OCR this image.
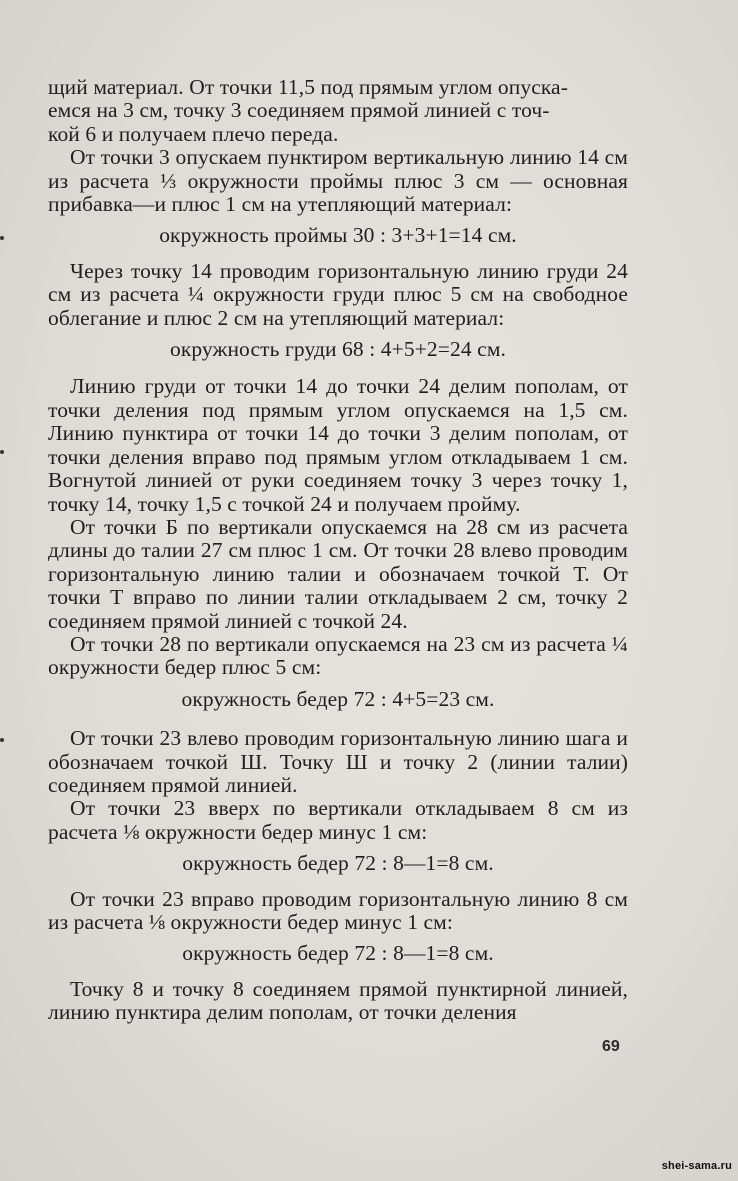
щий материал. От точки 11,5 под прямым углом опуска-

емся на 3 см, точку 3 соединяем прямой линией с точ-

кой 6 и получаем плечо переда.

От точки 3 опускаем пунктиром вертикальную линию 14 см из расчета ⅓ окружности проймы плюс 3 см — основная прибавка—и плюс 1 см на утепляющий материал:

окружность проймы 30 : 3+3+1=14 см.

Через точку 14 проводим горизонтальную линию груди 24 см из расчета ¼ окружности груди плюс 5 см на свободное облегание и плюс 2 см на утепляющий материал:

окружность груди 68 : 4+5+2=24 см.

Линию груди от точки 14 до точки 24 делим пополам, от точки деления под прямым углом опускаемся на 1,5 см. Линию пунктира от точки 14 до точки 3 делим пополам, от точки деления вправо под прямым углом откладываем 1 см. Вогнутой линией от руки соединяем точку 3 через точку 1, точку 14, точку 1,5 с точкой 24 и получаем пройму.

От точки Б по вертикали опускаемся на 28 см из расчета длины до талии 27 см плюс 1 см. От точки 28 влево проводим горизонтальную линию талии и обозначаем точкой Т. От точки Т вправо по линии талии откладываем 2 см, точку 2 соединяем прямой линией с точкой 24.

От точки 28 по вертикали опускаемся на 23 см из расчета ¼ окружности бедер плюс 5 см:

окружность бедер 72 : 4+5=23 см.

От точки 23 влево проводим горизонтальную линию шага и обозначаем точкой Ш. Точку Ш и точку 2 (линии талии) соединяем прямой линией.

От точки 23 вверх по вертикали откладываем 8 см из расчета ⅛ окружности бедер минус 1 см:

окружность бедер 72 : 8—1=8 см.

От точки 23 вправо проводим горизонтальную линию 8 см из расчета ⅛ окружности бедер минус 1 см:

окружность бедер 72 : 8—1=8 см.

Точку 8 и точку 8 соединяем прямой пунктирной линией, линию пунктира делим пополам, от точки деления

69
shei-sama.ru
